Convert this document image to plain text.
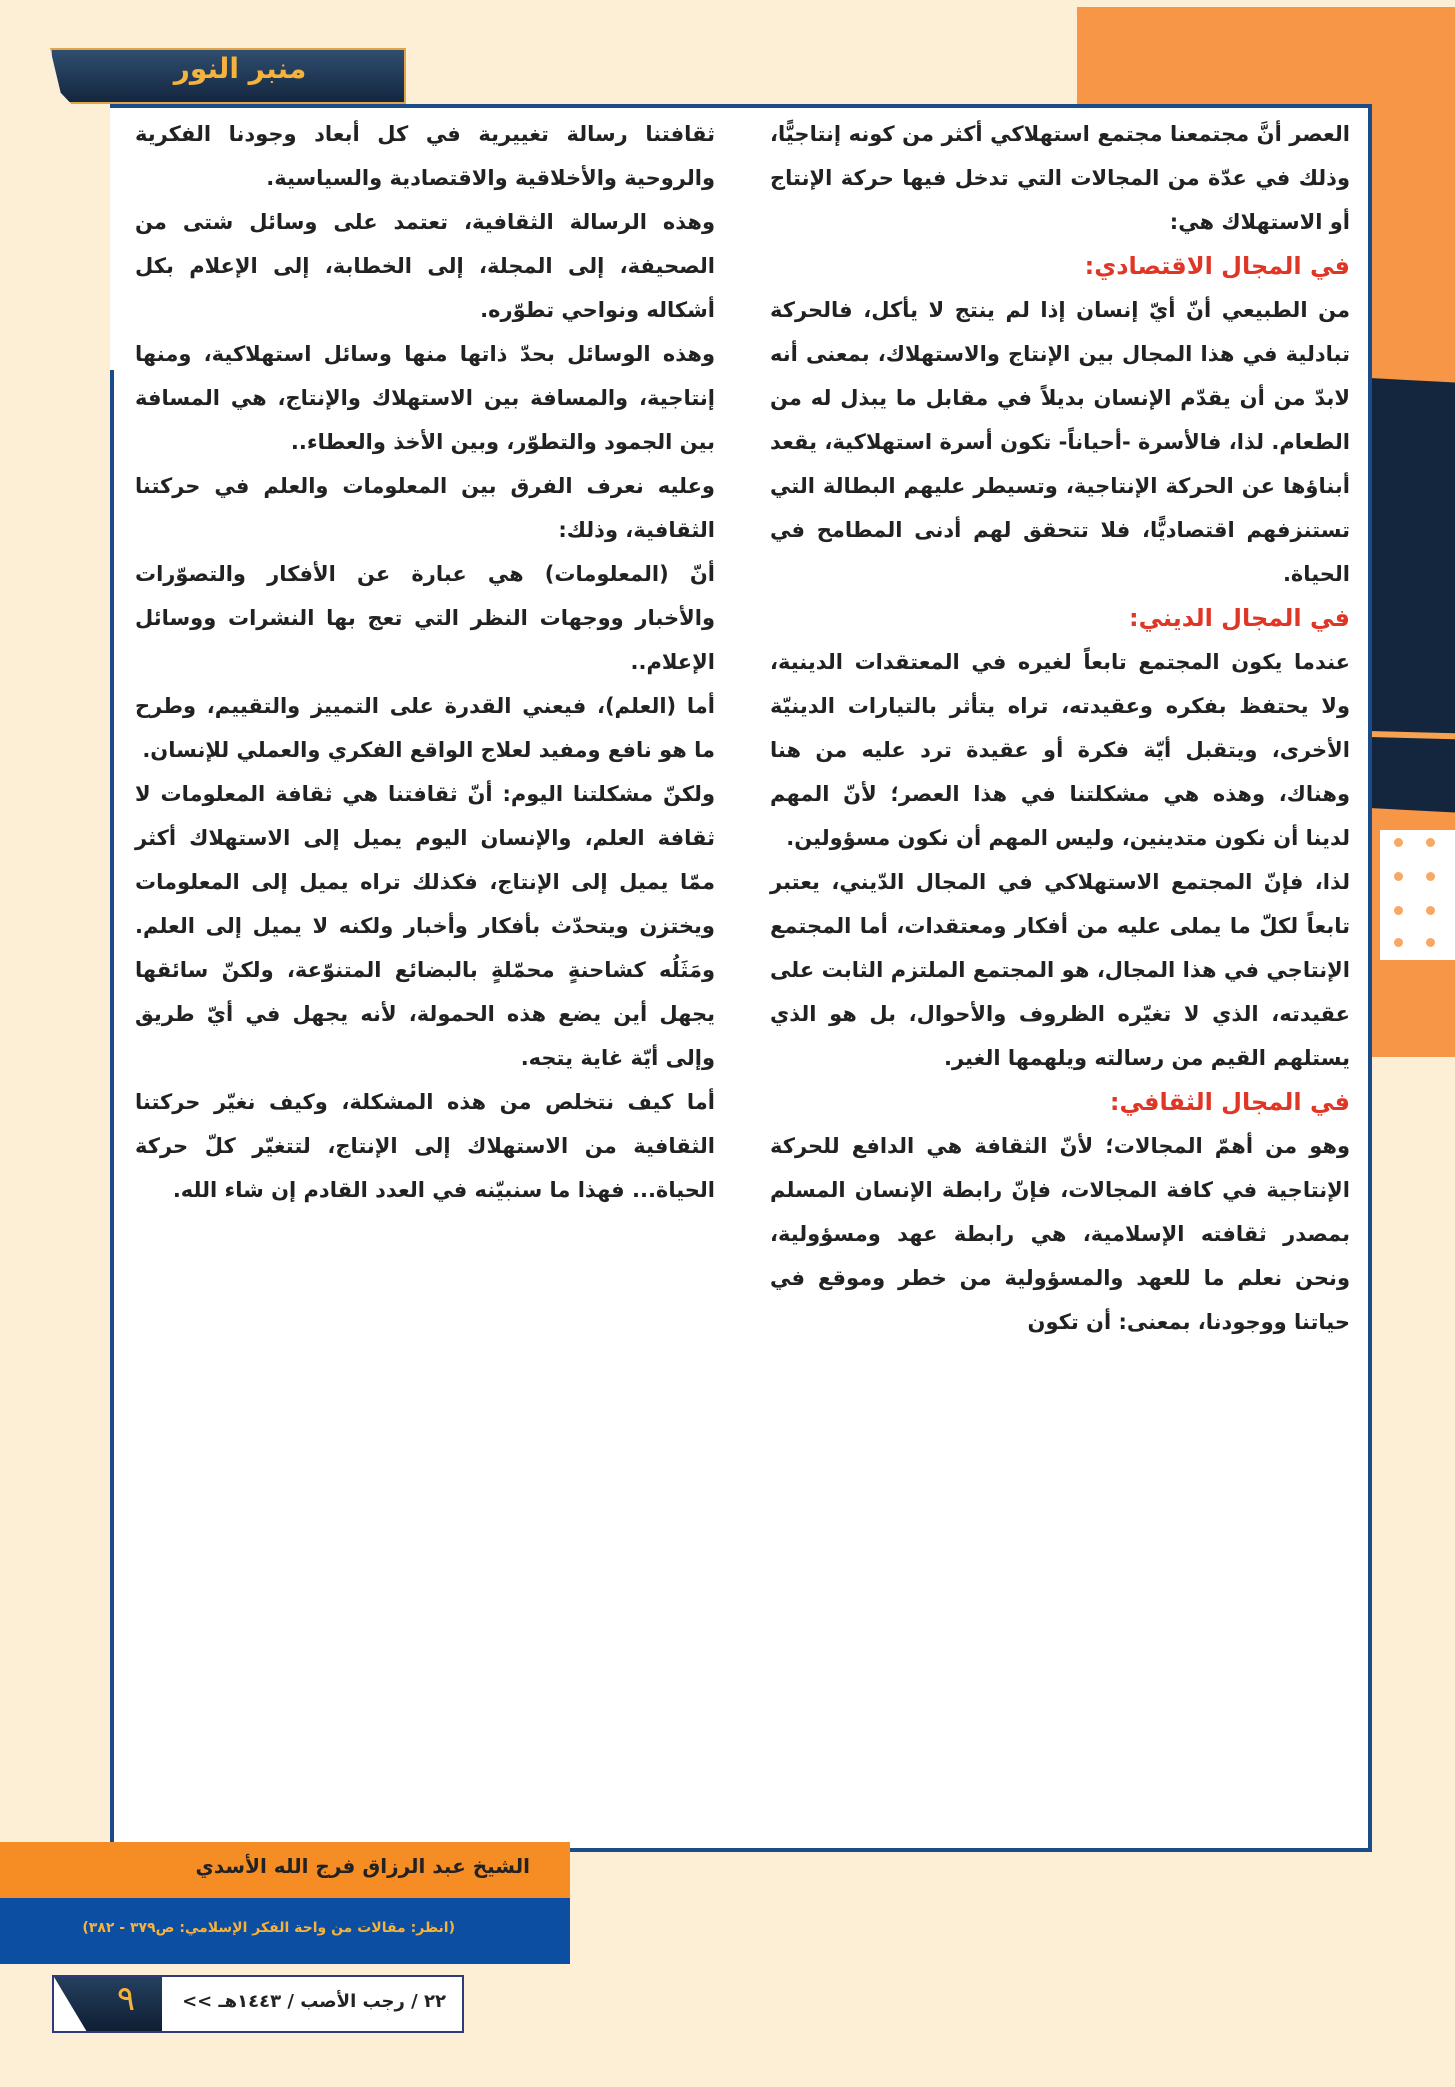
منبر النور

العصر أنَّ مجتمعنا مجتمع استهلاكي أكثر من كونه إنتاجيًّا، وذلك في عدّة من المجالات التي تدخل فيها حركة الإنتاج أو الاستهلاك هي:

في المجال الاقتصادي:

من الطبيعي أنّ أيّ إنسان إذا لم ينتج لا يأكل، فالحركة تبادلية في هذا المجال بين الإنتاج والاستهلاك، بمعنى أنه لابدّ من أن يقدّم الإنسان بديلاً في مقابل ما يبذل له من الطعام. لذا، فالأسرة -أحياناً- تكون أسرة استهلاكية، يقعد أبناؤها عن الحركة الإنتاجية، وتسيطر عليهم البطالة التي تستنزفهم اقتصاديًّا، فلا تتحقق لهم أدنى المطامح في الحياة.

في المجال الديني:

عندما يكون المجتمع تابعاً لغيره في المعتقدات الدينية، ولا يحتفظ بفكره وعقيدته، تراه يتأثر بالتيارات الدينيّة الأخرى، ويتقبل أيّة فكرة أو عقيدة ترد عليه من هنا وهناك، وهذه هي مشكلتنا في هذا العصر؛ لأنّ المهم لدينا أن نكون متدينين، وليس المهم أن نكون مسؤولين.

لذا، فإنّ المجتمع الاستهلاكي في المجال الدّيني، يعتبر تابعاً لكلّ ما يملى عليه من أفكار ومعتقدات، أما المجتمع الإنتاجي في هذا المجال، هو المجتمع الملتزم الثابت على عقيدته، الذي لا تغيّره الظروف والأحوال، بل هو الذي يستلهم القيم من رسالته ويلهمها الغير.

في المجال الثقافي:

وهو من أهمّ المجالات؛ لأنّ الثقافة هي الدافع للحركة الإنتاجية في كافة المجالات، فإنّ رابطة الإنسان المسلم بمصدر ثقافته الإسلامية، هي رابطة عهد ومسؤولية، ونحن نعلم ما للعهد والمسؤولية من خطر وموقع في حياتنا ووجودنا، بمعنى: أن تكون

ثقافتنا رسالة تغييرية في كل أبعاد وجودنا الفكرية والروحية والأخلاقية والاقتصادية والسياسية.

وهذه الرسالة الثقافية، تعتمد على وسائل شتى من الصحيفة، إلى المجلة، إلى الخطابة، إلى الإعلام بكل أشكاله ونواحي تطوّره.

وهذه الوسائل بحدّ ذاتها منها وسائل استهلاكية، ومنها إنتاجية، والمسافة بين الاستهلاك والإنتاج، هي المسافة بين الجمود والتطوّر، وبين الأخذ والعطاء..

وعليه نعرف الفرق بين المعلومات والعلم في حركتنا الثقافية، وذلك:

أنّ (المعلومات) هي عبارة عن الأفكار والتصوّرات والأخبار ووجهات النظر التي تعج بها النشرات ووسائل الإعلام..

أما (العلم)، فيعني القدرة على التمييز والتقييم، وطرح ما هو نافع ومفيد لعلاج الواقع الفكري والعملي للإنسان.

ولكنّ مشكلتنا اليوم: أنّ ثقافتنا هي ثقافة المعلومات لا ثقافة العلم، والإنسان اليوم يميل إلى الاستهلاك أكثر ممّا يميل إلى الإنتاج، فكذلك تراه يميل إلى المعلومات ويختزن ويتحدّث بأفكار وأخبار ولكنه لا يميل إلى العلم. ومَثَلُه كشاحنةٍ محمّلةٍ بالبضائع المتنوّعة، ولكنّ سائقها يجهل أين يضع هذه الحمولة، لأنه يجهل في أيّ طريق وإلى أيّة غاية يتجه.

أما كيف نتخلص من هذه المشكلة، وكيف نغيّر حركتنا الثقافية من الاستهلاك إلى الإنتاج، لتتغيّر كلّ حركة الحياة... فهذا ما سنبيّنه في العدد القادم إن شاء الله.

الشيخ عبد الرزاق فرج الله الأسدي
(انظر: مقالات من واحة الفكر الإسلامي: ص٣٧٩ - ٣٨٢)
٩	٢٢ / رجب الأصب / ١٤٤٣هـ >>
